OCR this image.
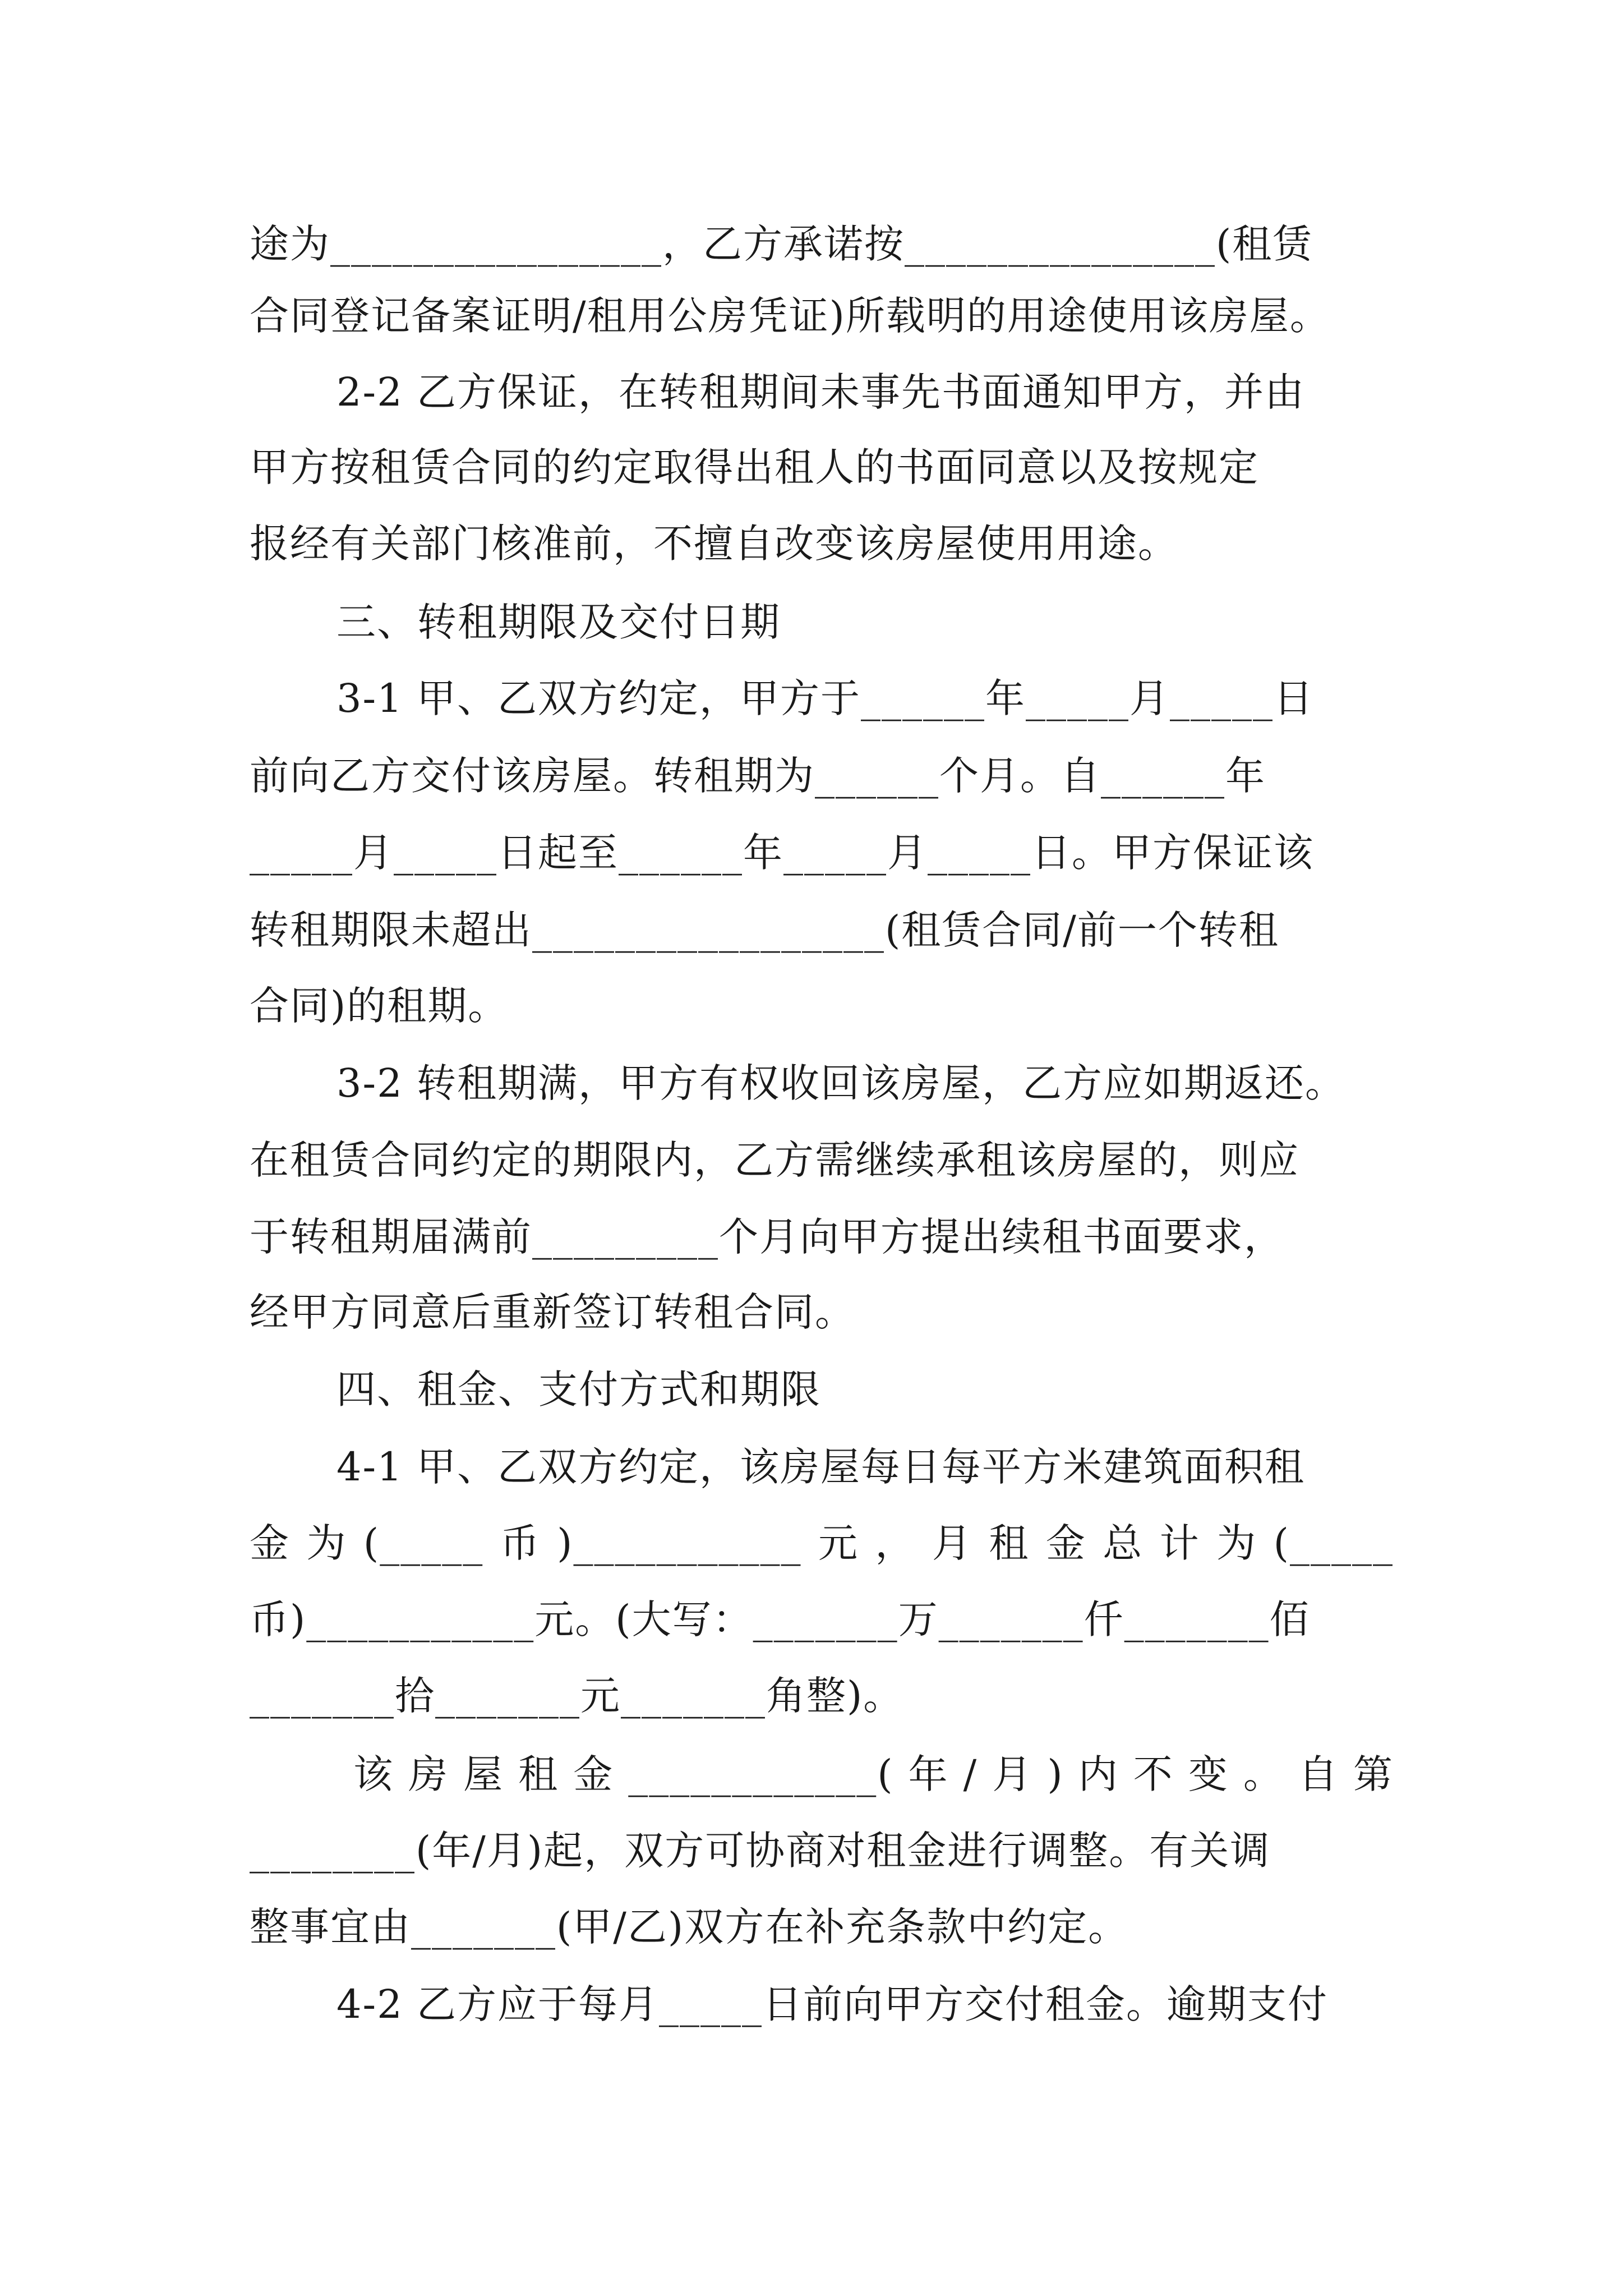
途为________________，乙方承诺按_______________(租赁
合同登记备案证明/租用公房凭证)所载明的用途使用该房屋。
2-2 乙方保证，在转租期间未事先书面通知甲方，并由
甲方按租赁合同的约定取得出租人的书面同意以及按规定
报经有关部门核准前，不擅自改变该房屋使用用途。
三、转租期限及交付日期
3-1 甲、乙双方约定，甲方于______年_____月_____日
前向乙方交付该房屋。转租期为______个月。自______年
_____月_____日起至______年_____月_____日。甲方保证该
转租期限未超出_________________(租赁合同/前一个转租
合同)的租期。
3-2 转租期满，甲方有权收回该房屋，乙方应如期返还。
在租赁合同约定的期限内，乙方需继续承租该房屋的，则应
于转租期届满前_________个月向甲方提出续租书面要求，
经甲方同意后重新签订转租合同。
四、租金、支付方式和期限
4-1 甲、乙双方约定，该房屋每日每平方米建筑面积租
金为(_____币)___________元，月租金总计为(_____
币)___________元。(大写：_______万_______仟_______佰
_______拾_______元_______角整)。
该房屋租金____________(年/月)内不变。自第
________(年/月)起，双方可协商对租金进行调整。有关调
整事宜由_______(甲/乙)双方在补充条款中约定。
4-2 乙方应于每月_____日前向甲方交付租金。逾期支付
